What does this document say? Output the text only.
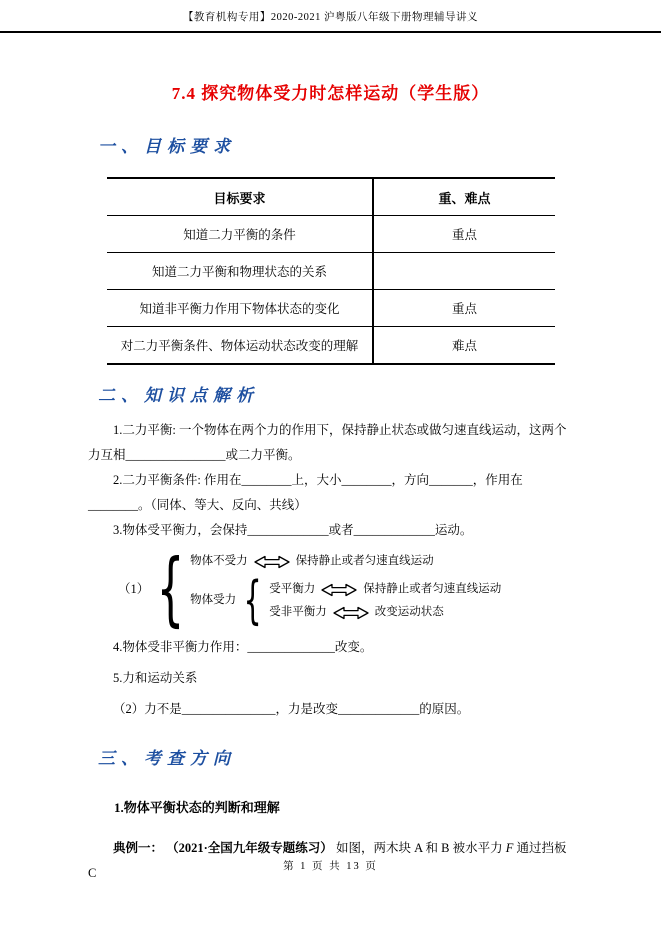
【教育机构专用】2020-2021 沪粤版八年级下册物理辅导讲义
7.4 探究物体受力时怎样运动（学生版）
一、目标要求
目标要求	重、难点
知道二力平衡的条件	重点
知道二力平衡和物理状态的关系	
知道非平衡力作用下物体状态的变化	重点
对二力平衡条件、物体运动状态改变的理解	难点
二、知识点解析

1.二力平衡: 一个物体在两个力的作用下，保持静止状态或做匀速直线运动，这两个力互相________________或二力平衡。

2.二力平衡条件: 作用在________上，大小________，方向_______，作用在________。（同体、等大、反向、共线）

3.物体受平衡力，会保持_____________或者_____________运动。

（1） { 物体不受力	保持静止或者匀速直线运动
物体受力 { 受平衡力	保持静止或者匀速直线运动
受非平衡力	改变运动状态

4.物体受非平衡力作用：______________改变。

5.力和运动关系

（2）力不是_______________，力是改变_____________的原因。

三、考查方向

1.物体平衡状态的判断和理解

典例一： （2021·全国九年级专题练习） 如图，两木块 A 和 B 被水平力 F 通过挡板 C	第 1 页 共 13 页
